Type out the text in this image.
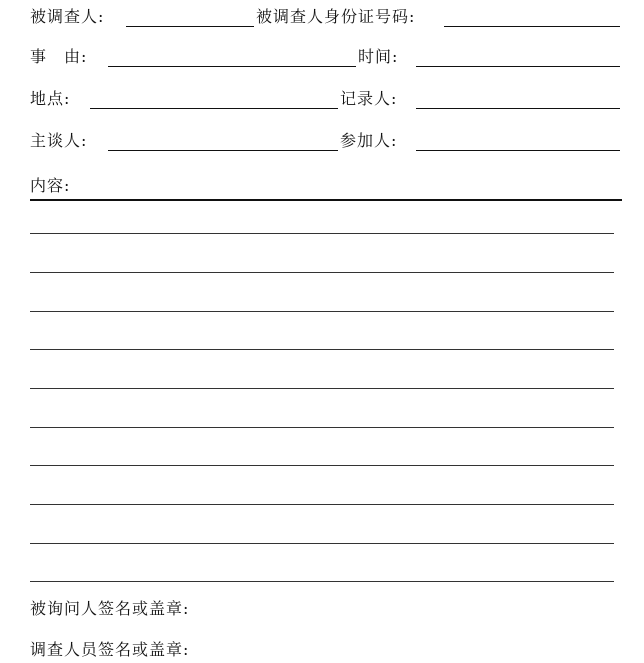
被调查人:	被调查人身份证号码:
事　由:	时间:
地点:	记录人:
主谈人:	参加人:
内容:
被询问人签名或盖章:
调查人员签名或盖章:
